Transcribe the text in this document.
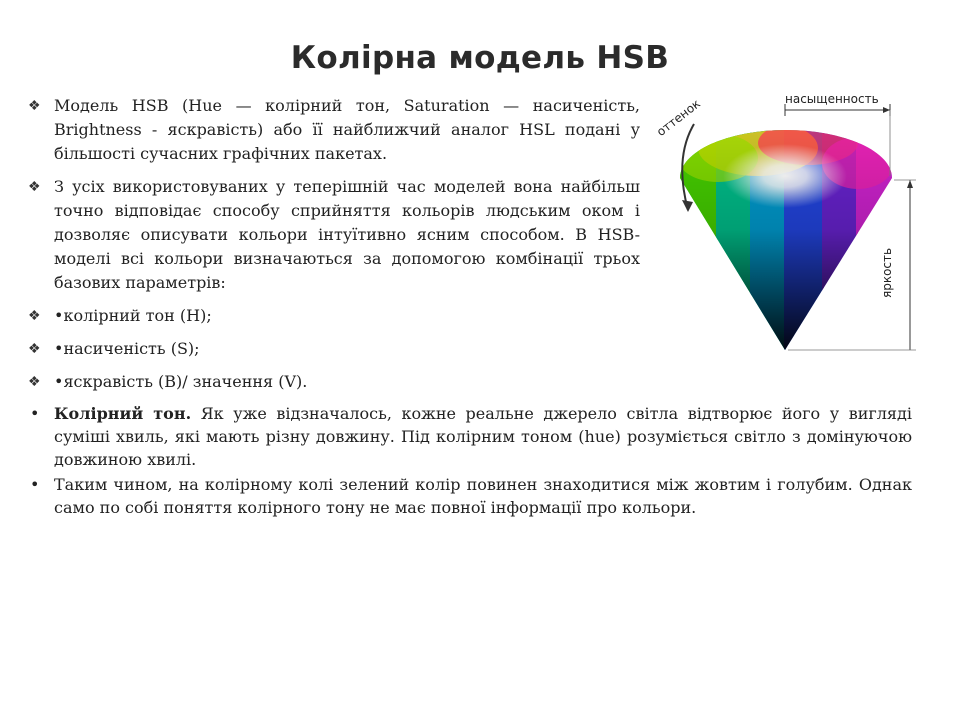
Колірна модель HSB
❖ Модель HSB (Hue — колірний тон, Saturation — насиченість, Brightness - яскравість) або її найближчий аналог HSL подані у більшості сучасних графічних пакетах.
❖ З усіх використовуваних у теперішній час моделей вона найбільш точно відповідає способу сприйняття кольорів людським оком і дозволяє описувати кольори інтуїтивно ясним способом. В HSB-моделі всі кольори визначаються за допомогою комбінації трьох базових параметрів:
❖ •колірний тон (H);
❖ •насиченість (S);
❖ •яскравість (B)/ значення (V).
насыщенность
оттенок
яркость
• Колірний тон. Як уже відзначалось, кожне реальне джерело світла відтворює його у вигляді суміші хвиль, які мають різну довжину. Під колірним тоном (hue) розуміється світло з домінуючою довжиною хвилі.
• Таким чином, на колірному колі зелений колір повинен знаходитися між жовтим і голубим. Однак само по собі поняття колірного тону не має повної інформації про кольори.
